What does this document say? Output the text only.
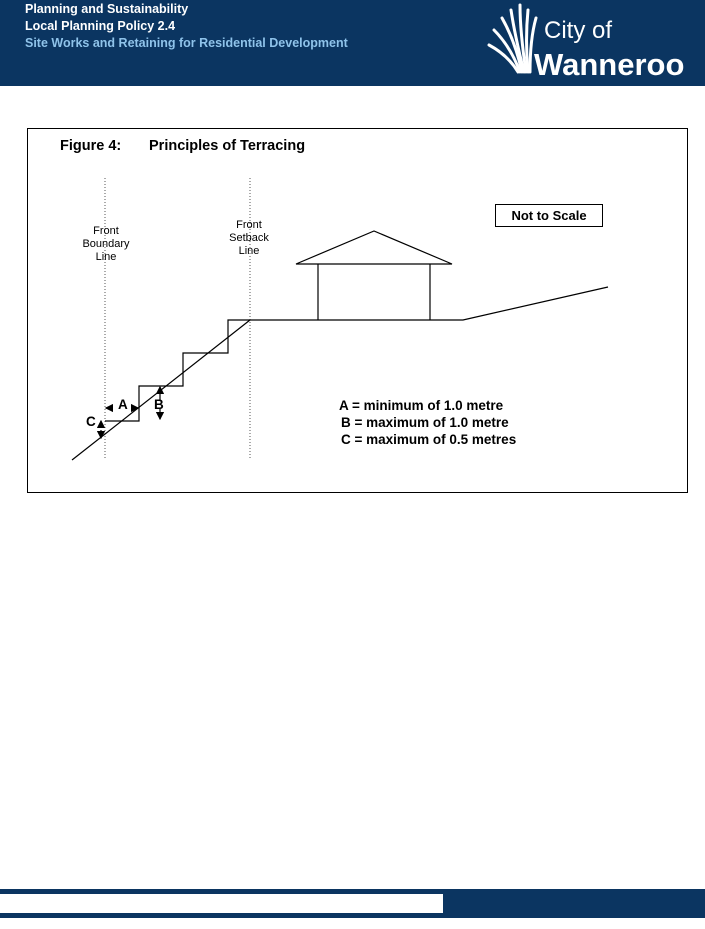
Planning and Sustainability
Local Planning Policy 2.4
Site Works and Retaining for Residential Development	City of
Wanneroo
Figure 4: Principles of Terracing
Front
Boundary
Line
Front
Setback
Line
Not to Scale
A B
C
A = minimum of 1.0 metre
B = maximum of 1.0 metre
C = maximum of 0.5 metres
